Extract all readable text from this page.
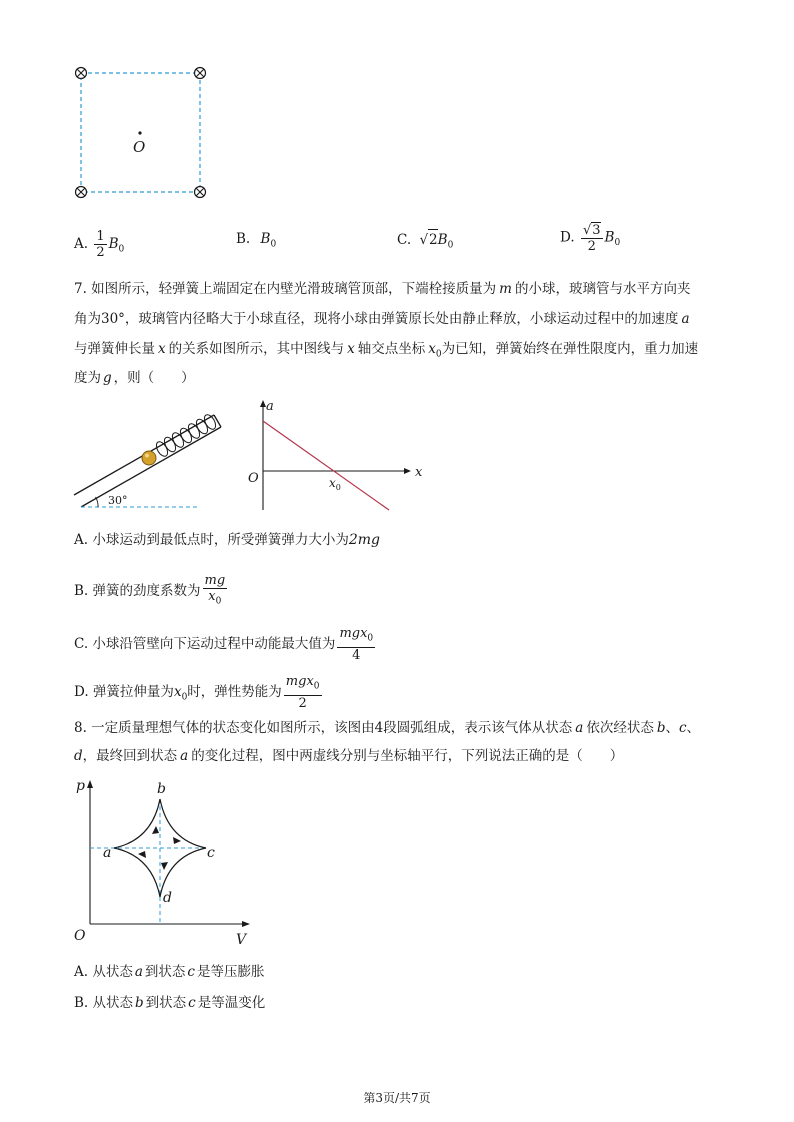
O
A. $\frac{1}{2} B_0$
B. $B_0$	C. $√2B_0$
D. $\frac{√3}{2} B_0$
7. 如图所示，轻弹簧上端固定在内壁光滑玻璃管顶部，下端栓接质量为 m 的小球，玻璃管与水平方向夹
角为30°，玻璃管内径略大于小球直径，现将小球由弹簧原长处由静止释放，小球运动过程中的加速度 a
与弹簧伸长量 x 的关系如图所示，其中图线与 x 轴交点坐标 $x_0$为已知，弹簧始终在弹性限度内，重力加速
度为 g ，则（　　）
30°
a
O	x
$x_0$
A. 小球运动到最低点时，所受弹簧弹力大小为2mg
B. 弹簧的劲度系数为 $\frac{mg}{x_0}$
C. 小球沿管壁向下运动过程中动能最大值为 $\frac{mgx_0}{4}$
D. 弹簧拉伸量为$x_0$时，弹性势能为 $\frac{mgx_0}{2}$
8. 一定质量理想气体的状态变化如图所示，该图由4段圆弧组成，表示该气体从状态 a 依次经状态 b、c、
d，最终回到状态 a 的变化过程，图中两虚线分别与坐标轴平行，下列说法正确的是（　　）
p
V
O
a
b
c
d
A. 从状态 a 到状态 c 是等压膨胀
B. 从状态 b 到状态 c 是等温变化
第3页/共7页
